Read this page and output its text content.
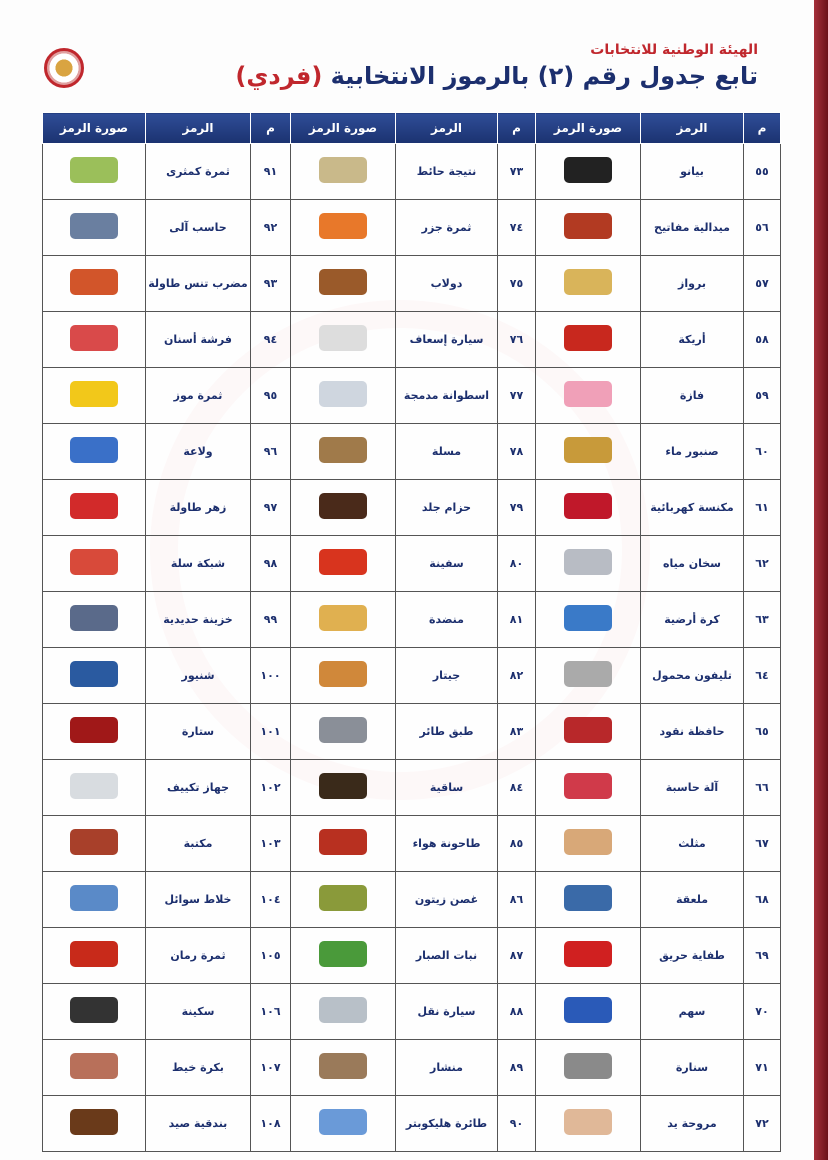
الهيئة الوطنية للانتخابات
تابع جدول رقم (٢) بالرموز الانتخابية (فردي)
م	الرمز	صورة الرمز	م	الرمز	صورة الرمز	م	الرمز	صورة الرمز
٥٥	بيانو		٧٣	نتيجة حائط		٩١	ثمرة كمثرى	
٥٦	ميدالية مفاتيح		٧٤	ثمرة جزر		٩٢	حاسب آلى	
٥٧	برواز		٧٥	دولاب		٩٣	مضرب تنس طاولة	
٥٨	أريكة		٧٦	سيارة إسعاف		٩٤	فرشة أسنان	
٥٩	فازة		٧٧	اسطوانة مدمجة		٩٥	ثمرة موز	
٦٠	صنبور ماء		٧٨	مسلة		٩٦	ولاعة	
٦١	مكنسة كهربائية		٧٩	حزام جلد		٩٧	زهر طاولة	
٦٢	سخان مياه		٨٠	سفينة		٩٨	شبكة سلة	
٦٣	كرة أرضية		٨١	منضدة		٩٩	خزينة حديدية	
٦٤	تليفون محمول		٨٢	جيتار		١٠٠	شنيور	
٦٥	حافظة نقود		٨٣	طبق طائر		١٠١	ستارة	
٦٦	آلة حاسبة		٨٤	ساقية		١٠٢	جهاز تكييف	
٦٧	مثلث		٨٥	طاحونة هواء		١٠٣	مكتبة	
٦٨	ملعقة		٨٦	غصن زيتون		١٠٤	خلاط سوائل	
٦٩	طفاية حريق		٨٧	نبات الصبار		١٠٥	ثمرة رمان	
٧٠	سهم		٨٨	سيارة نقل		١٠٦	سكينة	
٧١	سنارة		٨٩	منشار		١٠٧	بكرة خيط	
٧٢	مروحة يد		٩٠	طائرة هليكوبتر		١٠٨	بندقية صيد	
